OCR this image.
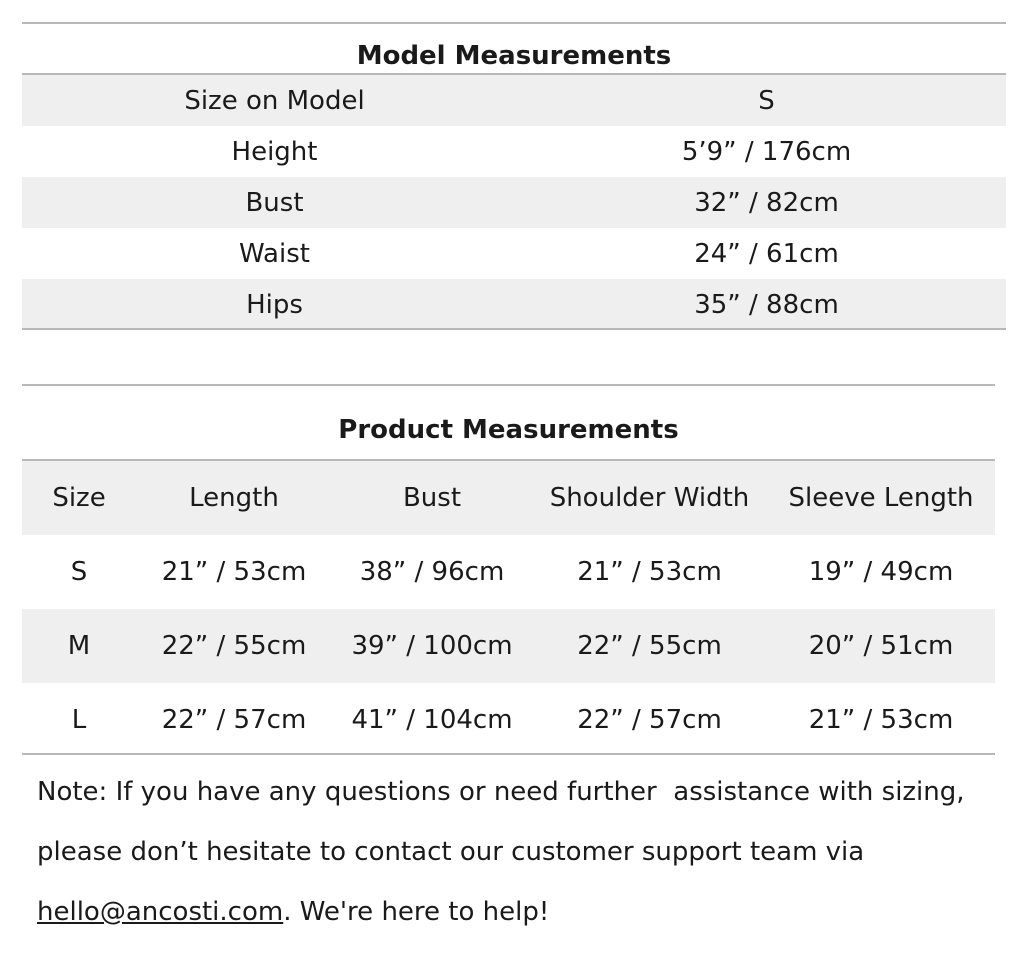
Model Measurements
Size on Model	S
Height	5’9” / 176cm
Bust	32” / 82cm
Waist	24” / 61cm
Hips	35” / 88cm
Product Measurements
Size	Length	Bust	Shoulder Width	Sleeve Length
S	21” / 53cm	38” / 96cm	21” / 53cm	19” / 49cm
M	22” / 55cm	39” / 100cm	22” / 55cm	20” / 51cm
L	22” / 57cm	41” / 104cm	22” / 57cm	21” / 53cm
Note: If you have any questions or need further  assistance with sizing,
please don’t hesitate to contact our customer support team via
hello@ancosti.com. We're here to help!
